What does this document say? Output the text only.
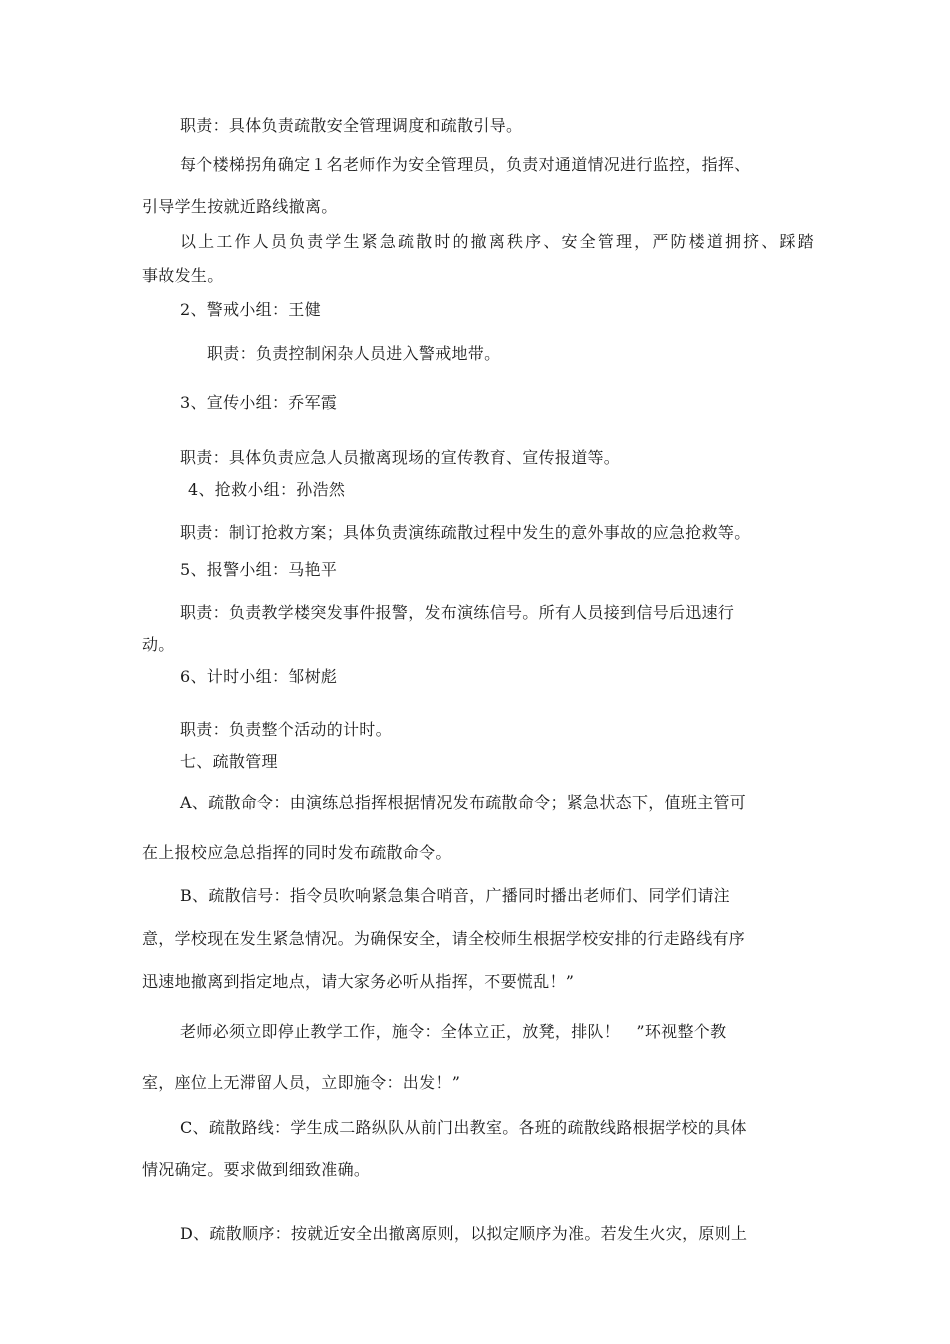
职责：具体负责疏散安全管理调度和疏散引导。
每个楼梯拐角确定１名老师作为安全管理员，负责对通道情况进行监控，指挥、
引导学生按就近路线撤离。
以上工作人员负责学生紧急疏散时的撤离秩序、安全管理，严防楼道拥挤、踩踏
事故发生。
2、警戒小组：王健
职责：负责控制闲杂人员进入警戒地带。
3、宣传小组：乔军霞
职责：具体负责应急人员撤离现场的宣传教育、宣传报道等。
4、抢救小组：孙浩然
职责：制订抢救方案；具体负责演练疏散过程中发生的意外事故的应急抢救等。
5、报警小组：马艳平
职责：负责教学楼突发事件报警，发布演练信号。所有人员接到信号后迅速行
动。
6、计时小组：邹树彪
职责：负责整个活动的计时。
七、疏散管理
A、疏散命令：由演练总指挥根据情况发布疏散命令；紧急状态下，值班主管可
在上报校应急总指挥的同时发布疏散命令。
B、疏散信号：指令员吹响紧急集合哨音，广播同时播出老师们、同学们请注
意，学校现在发生紧急情况。为确保安全，请全校师生根据学校安排的行走路线有序
迅速地撤离到指定地点，请大家务必听从指挥，不要慌乱！”
老师必须立即停止教学工作，施令：全体立正，放凳，排队！　”环视整个教
室，座位上无滞留人员，立即施令：出发！”
C、疏散路线：学生成二路纵队从前门出教室。各班的疏散线路根据学校的具体
情况确定。要求做到细致准确。
D、疏散顺序：按就近安全出撤离原则，以拟定顺序为准。若发生火灾，原则上
